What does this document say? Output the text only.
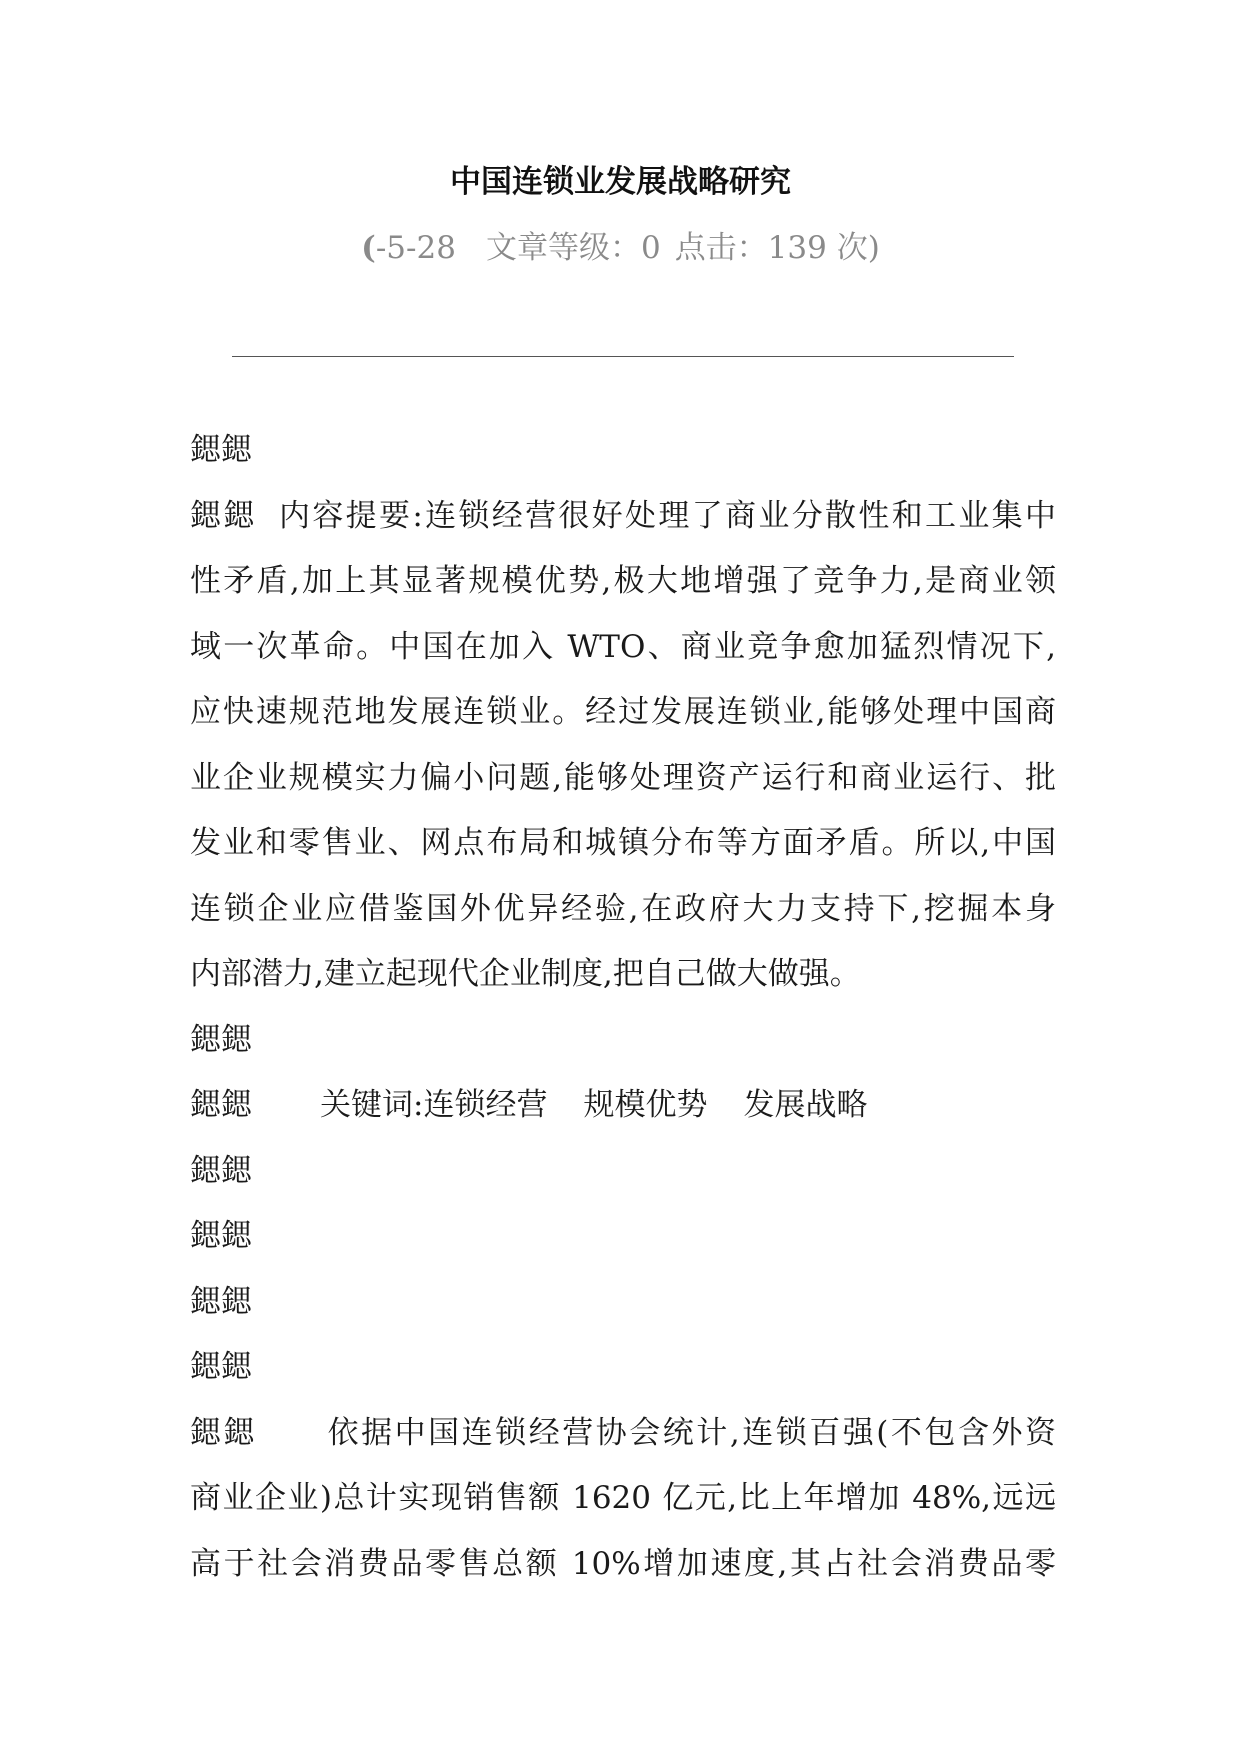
中国连锁业发展战略研究
(-5-28 文章等级：0 点击：139 次)
鍶鍶
鍶鍶 内容提要:连锁经营很好处理了商业分散性和工业集中
性矛盾,加上其显著规模优势,极大地增强了竞争力,是商业领
域一次革命。中国在加入 WTO、商业竞争愈加猛烈情况下,
应快速规范地发展连锁业。经过发展连锁业,能够处理中国商
业企业规模实力偏小问题,能够处理资产运行和商业运行、批
发业和零售业、网点布局和城镇分布等方面矛盾。所以,中国
连锁企业应借鉴国外优异经验,在政府大力支持下,挖掘本身
内部潜力,建立起现代企业制度,把自己做大做强。
鍶鍶
鍶鍶 关键词:连锁经营 规模优势 发展战略
鍶鍶
鍶鍶
鍶鍶
鍶鍶
鍶鍶 依据中国连锁经营协会统计,连锁百强(不包含外资
商业企业)总计实现销售额 1620 亿元,比上年增加 48%,远远
高于社会消费品零售总额 10%增加速度,其占社会消费品零
